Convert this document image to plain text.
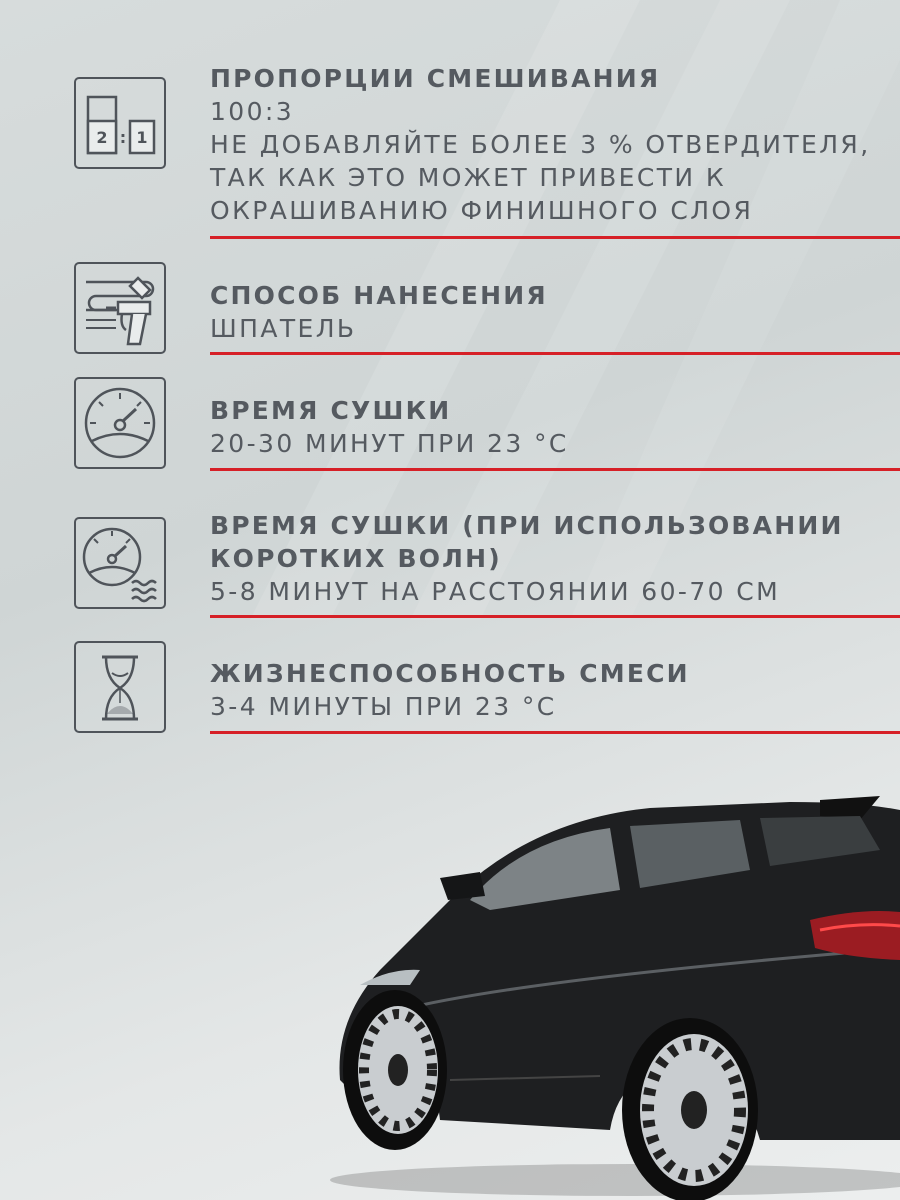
2 : 1

ПРОПОРЦИИ СМЕШИВАНИЯ

100:3

НЕ ДОБАВЛЯЙТЕ БОЛЕЕ 3 % ОТВЕРДИТЕЛЯ,

ТАК КАК ЭТО МОЖЕТ ПРИВЕСТИ К

ОКРАШИВАНИЮ ФИНИШНОГО СЛОЯ

СПОСОБ НАНЕСЕНИЯ

ШПАТЕЛЬ

ВРЕМЯ СУШКИ

20-30 МИНУТ ПРИ 23 °С

ВРЕМЯ СУШКИ (ПРИ ИСПОЛЬЗОВАНИИ

КОРОТКИХ ВОЛН)

5-8 МИНУТ НА РАССТОЯНИИ 60-70 СМ

ЖИЗНЕСПОСОБНОСТЬ СМЕСИ

3-4 МИНУТЫ ПРИ 23 °С
